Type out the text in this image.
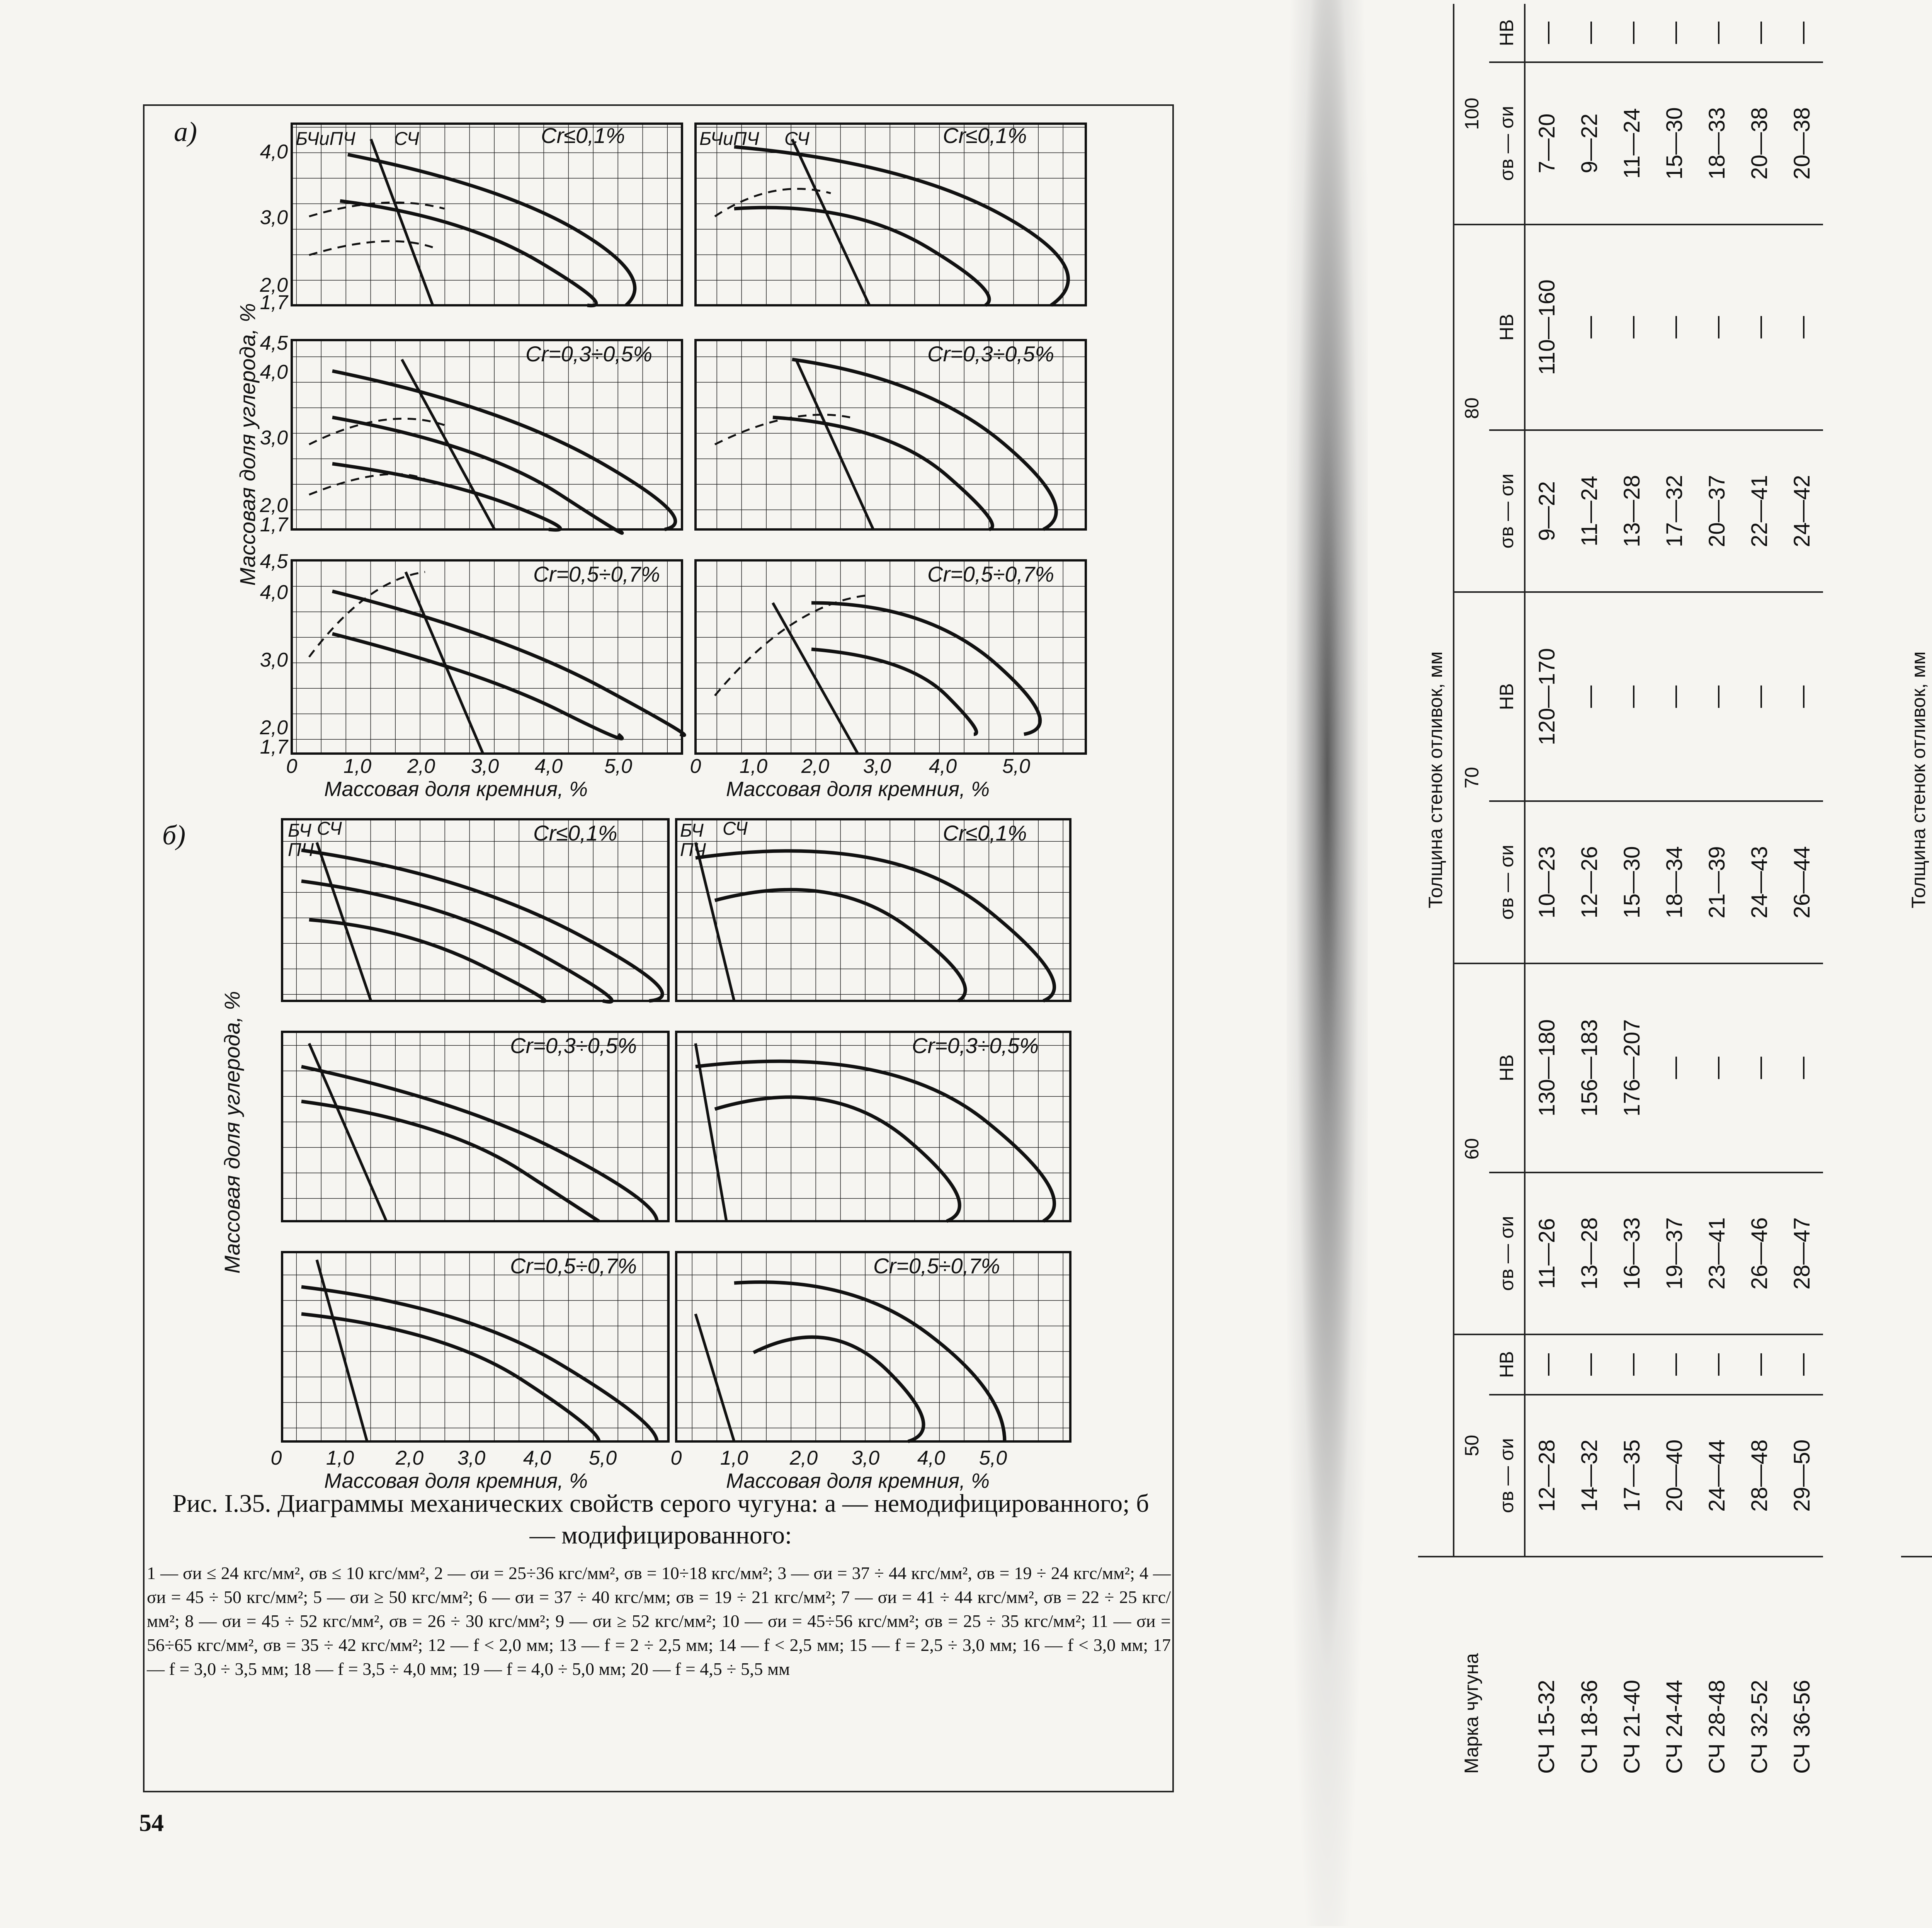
а)
б)
Cr≤0,1%	Cr≤0,1%
Cr=0,3÷0,5%	Cr=0,3÷0,5%
Cr=0,5÷0,7%	Cr=0,5÷0,7%
Cr≤0,1%	Cr≤0,1%
Cr=0,3÷0,5%	Cr=0,3÷0,5%
Cr=0,5÷0,7%	Cr=0,5÷0,7%
БЧиПЧ СЧ	БЧиПЧ СЧ
БЧ
ПЧ
СЧ	БЧ
ПЧ
СЧ
4,0
3,0
2,0
1,7
4,5
4,0
3,0
2,0
1,7
4,5
4,0
3,0
2,0
1,7
0 1,0 2,0 3,0 4,0 5,0	0 1,0 2,0 3,0 4,0 5,0
0 1,0 2,0 3,0 4,0 5,0	0 1,0 2,0 3,0 4,0 5,0
Массовая доля кремния, %	Массовая доля кремния, %
Массовая доля кремния, %	Массовая доля кремния, %
Массовая доля углерода, %
Массовая доля углерода, %
Рис. I.35. Диаграммы механических свойств серого чугуна: а — немодифицированного; б — модифицированного:
1 — σи ≤ 24 кгс/мм², σв ≤ 10 кгс/мм², 2 — σи = 25÷36 кгс/мм², σв = 10÷18 кгс/мм²; 3 — σи = 37 ÷ 44 кгс/мм², σв = 19 ÷ 24 кгс/мм²; 4 — σи = 45 ÷ 50 кгс/мм²; 5 — σи ≥ 50 кгс/мм²; 6 — σи = 37 ÷ 40 кгс/мм; σв = 19 ÷ 21 кгс/мм²; 7 — σи = 41 ÷ 44 кгс/мм², σв = 22 ÷ 25 кгс/мм²; 8 — σи = 45 ÷ 52 кгс/мм², σв = 26 ÷ 30 кгс/мм²; 9 — σи ≥ 52 кгс/мм²; 10 — σи = 45÷56 кгс/мм²; σв = 25 ÷ 35 кгс/мм²; 11 — σи = 56÷65 кгс/мм², σв = 35 ÷ 42 кгс/мм²; 12 — f < 2,0 мм; 13 — f = 2 ÷ 2,5 мм; 14 — f < 2,5 мм; 15 — f = 2,5 ÷ 3,0 мм; 16 — f < 3,0 мм; 17 — f = 3,0 ÷ 3,5 мм; 18 — f = 3,5 ÷ 4,0 мм; 19 — f = 4,0 ÷ 5,0 мм; 20 — f = 4,5 ÷ 5,5 мм
54
	Толщина стенок отливок, мм							

Марка чугуна	Толщина стенок отливок, мм									
	50		60		70		80		100	
	σв — σи	HB	σв — σи	HB	σв — σи	HB	σв — σи	HB	σв — σи	HB
СЧ 15-32	12—28	—	11—26	130—180	10—23	120—170	9—22	110—160	7—20	—
СЧ 18-36	14—32	—	13—28	156—183	12—26	—	11—24	—	9—22	—
СЧ 21-40	17—35	—	16—33	176—207	15—30	—	13—28	—	11—24	—
СЧ 24-44	20—40	—	19—37	—	18—34	—	17—32	—	15—30	—
СЧ 28-48	24—44	—	23—41	—	21—39	—	20—37	—	18—33	—
СЧ 32-52	28—48	—	26—46	—	24—43	—	22—41	—	20—38	—
СЧ 36-56	29—50	—	28—47	—	26—44	—	24—42	—	20—38	—
